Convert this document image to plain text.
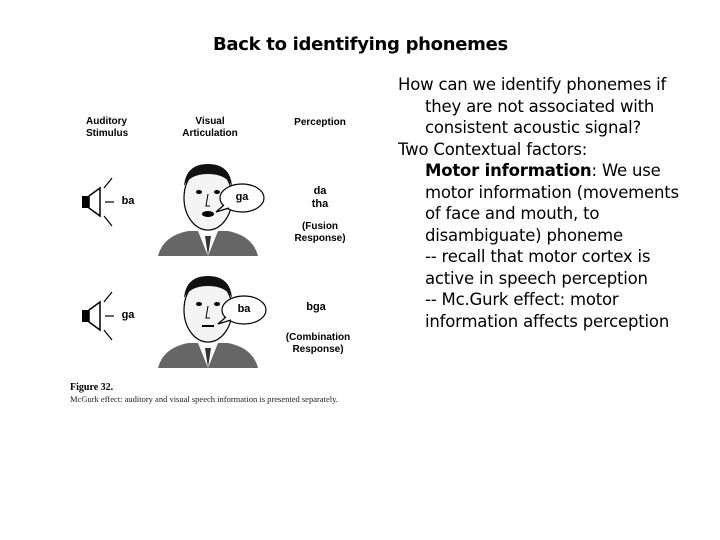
Back to identifying phonemes
Auditory Stimulus
Visual Articulation
Perception
ba	ga	da
tha
(Fusion Response)
ga	ba	bga
(Combination Response)
Figure 32.
McGurk effect: auditory and visual speech information is presented separately.

How can we identify phonemes if they are not associated with consistent acoustic signal?

Two Contextual factors:

Motor information: We use motor information (movements of face and mouth, to disambiguate) phoneme

-- recall that motor cortex is active in speech perception

-- Mc.Gurk effect: motor information affects perception
